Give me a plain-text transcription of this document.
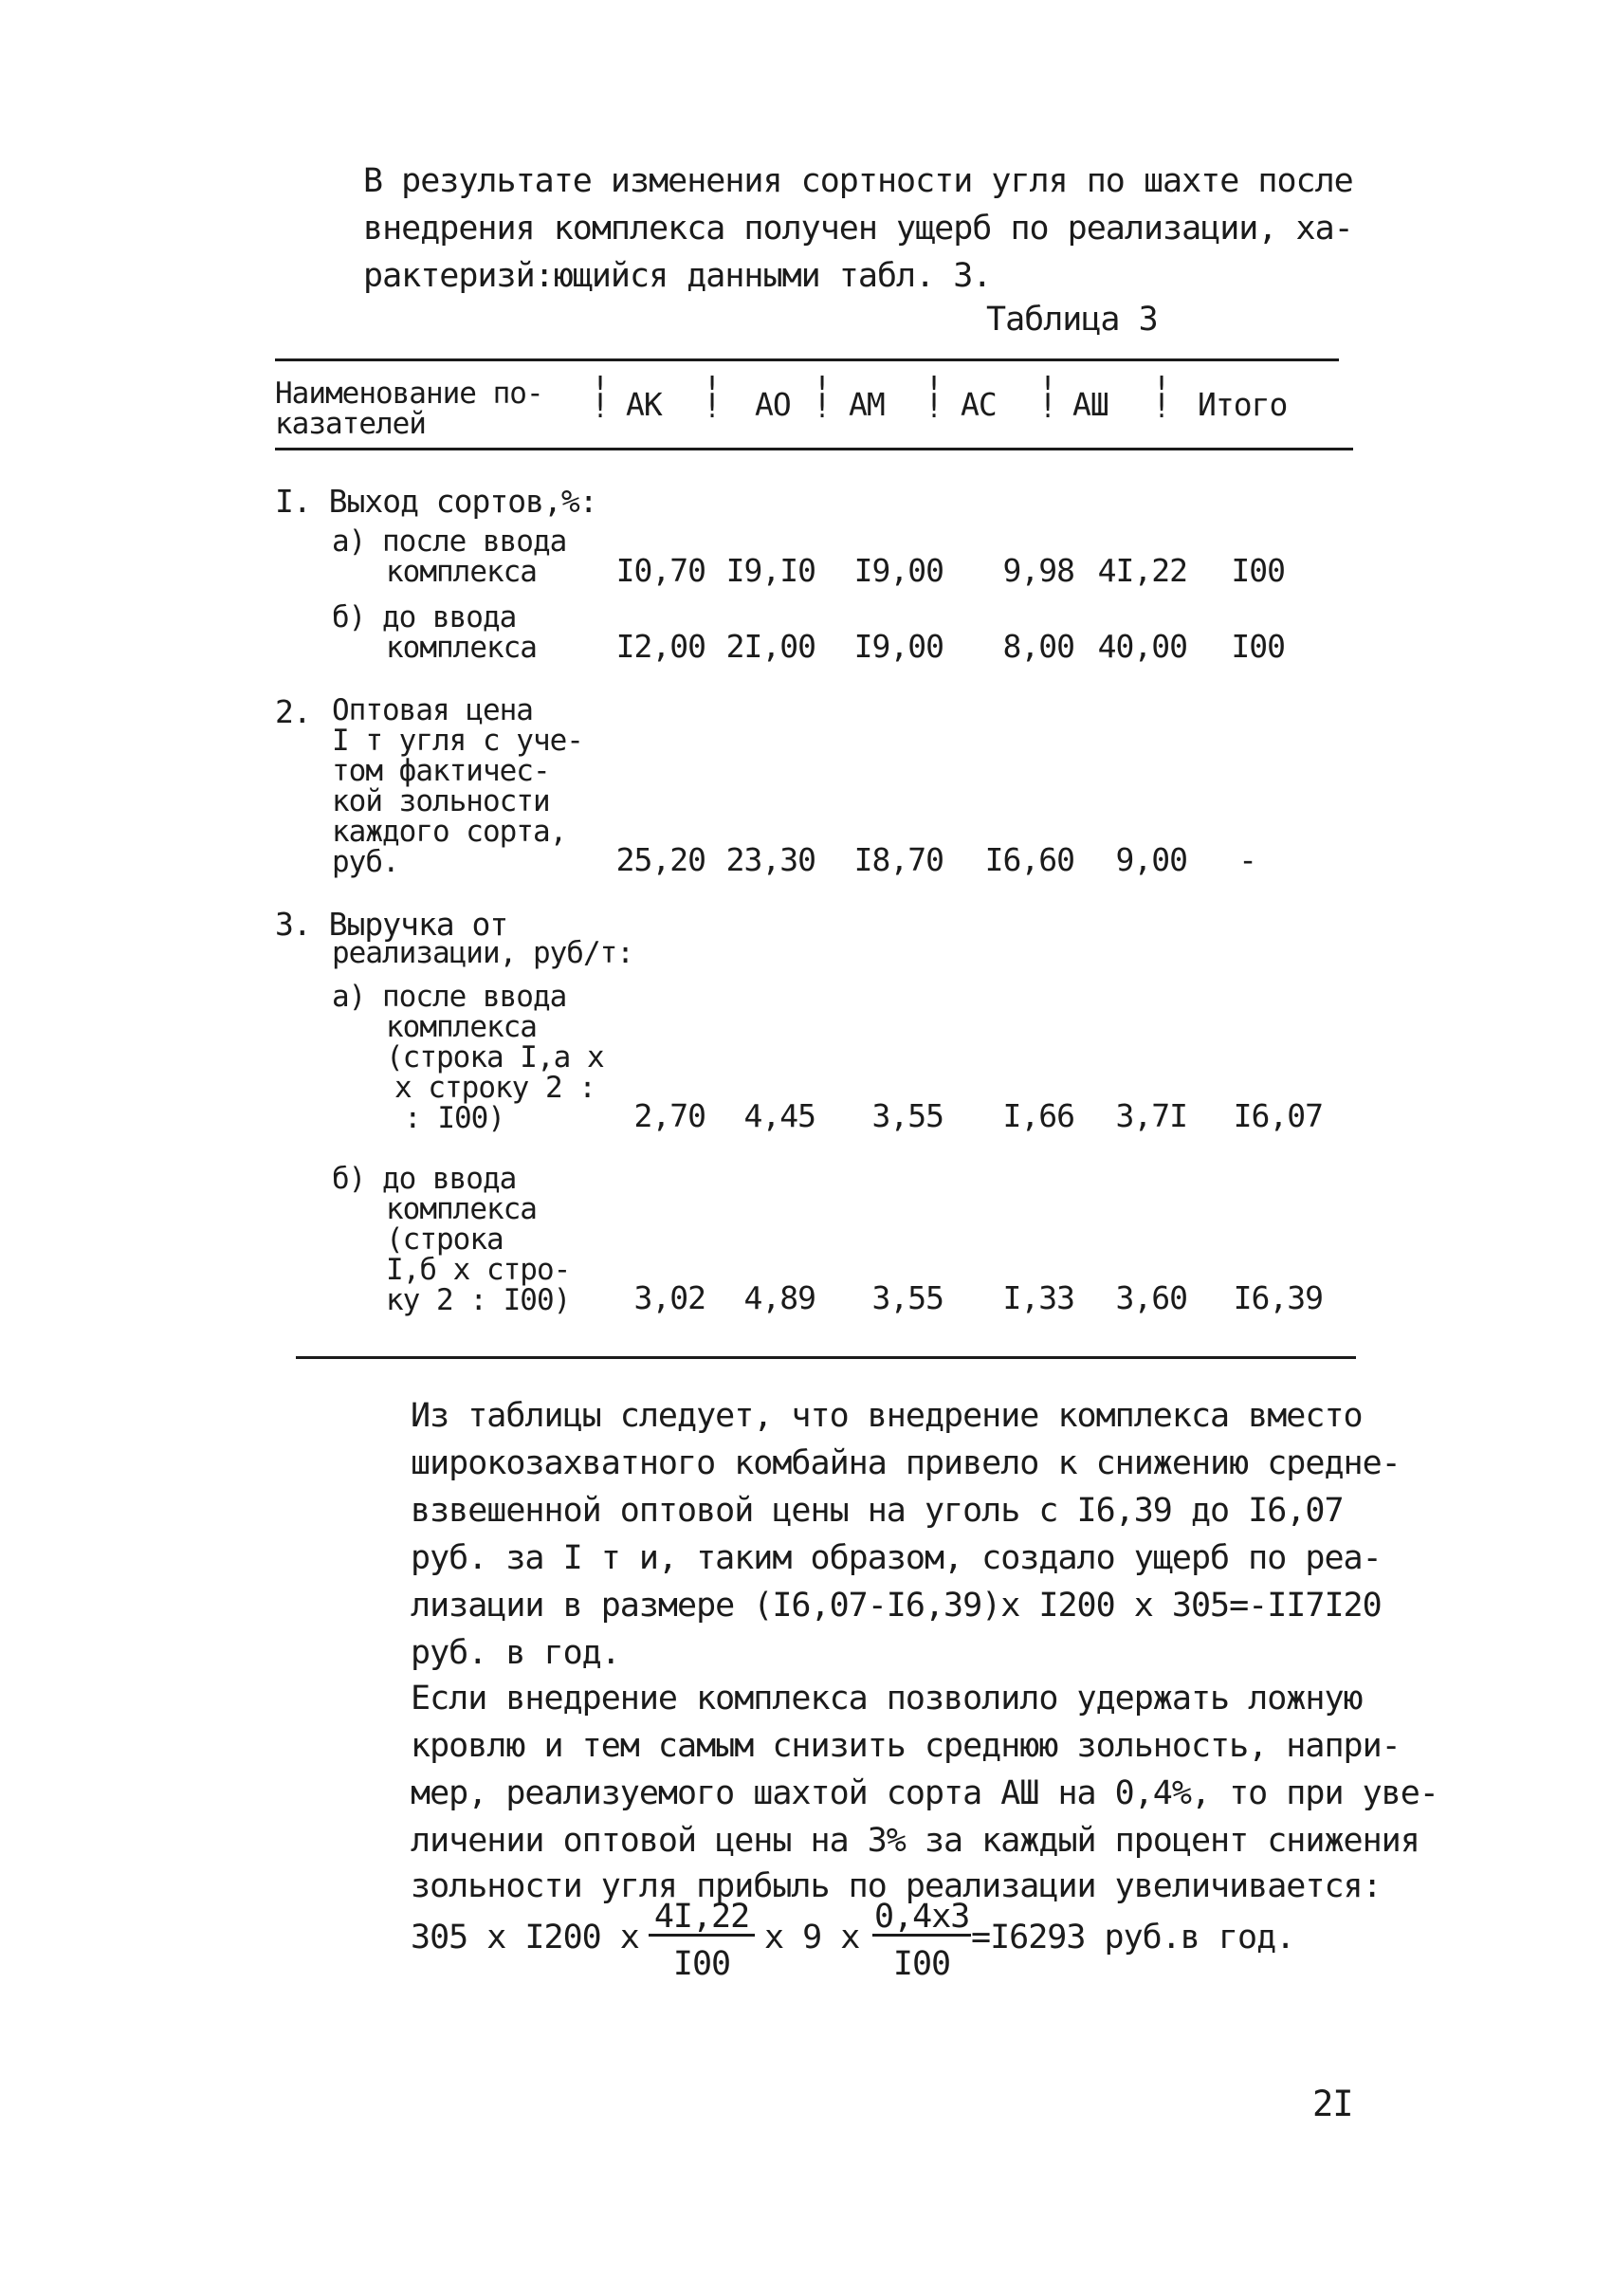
В результате изменения сортности угля по шахте после
внедрения комплекса получен ущерб по реализации, ха-
рактеризй:ющийся данными табл. 3.
Таблица 3
Наименование по-
казателей
!
!
!
!
!
!
!
!
!
!
!
!
АК	АО АМ АС АШ	Итого
I. Выход сортов,%:
а) после ввода
комплекса	I0,70 I9,I0	I9,00	9,98 4I,22	I00
б) до ввода
комплекса	I2,00 2I,00	I9,00	8,00 40,00	I00
2. Оптовая цена
I т угля с уче-
том фактичес-
кой зольности
каждого сорта,
руб.	25,20 23,30	I8,70	I6,60	9,00	-
3. Выручка от
реализации, руб/т:
а) после ввода
комплекса
(строка I,а х
х строку 2 :
: I00)	2,70	4,45	3,55	I,66	3,7I	I6,07
б) до ввода
комплекса
(строка
I,б х стро-
ку 2 : I00)	3,02	4,89	3,55	I,33	3,60	I6,39
Из таблицы следует, что внедрение комплекса вместо
широкозахватного комбайна привело к снижению средне-
взвешенной оптовой цены на уголь с I6,39 до I6,07
руб. за I т и, таким образом, создало ущерб по реа-
лизации в размере (I6,07-I6,39)х I200 х 305=-II7I20
руб. в год.
Если внедрение комплекса позволило удержать ложную
кровлю и тем самым снизить среднюю зольность, напри-
мер, реализуемого шахтой сорта АШ на 0,4%, то при уве-
личении оптовой цены на 3% за каждый процент снижения
зольности угля прибыль по реализации увеличивается:
305 х I200 х $\frac{4I,22}{I00}$ х 9 х
0,4х3
I00
=I6293 руб.в год.
2I
